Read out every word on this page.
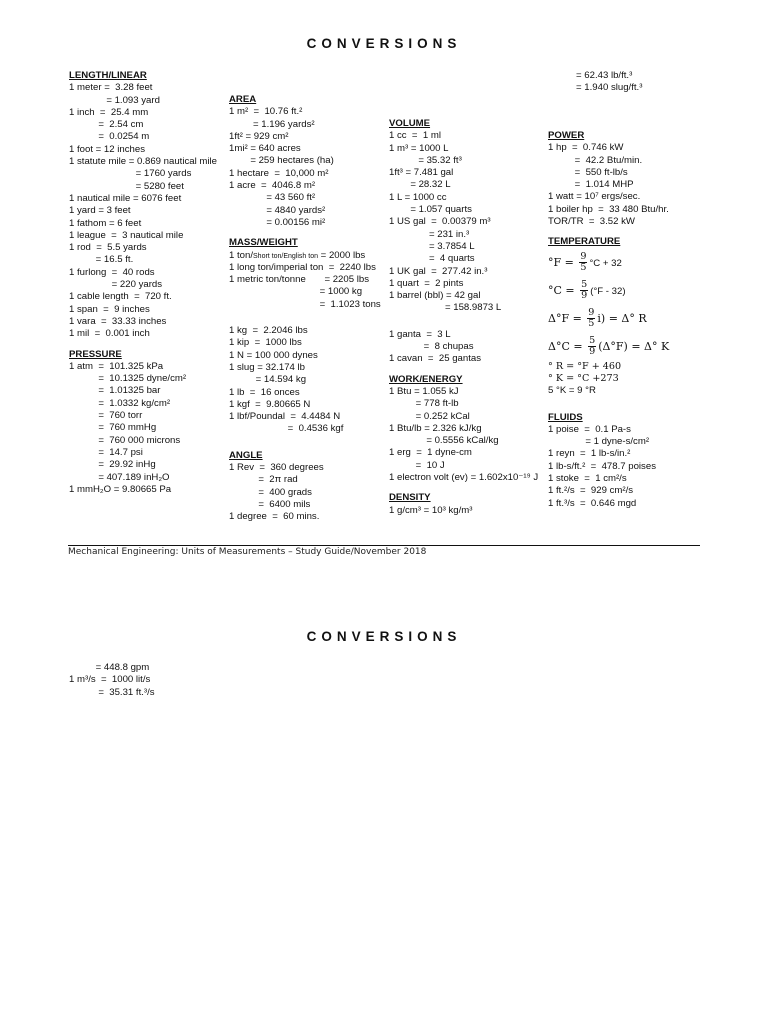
CONVERSIONS
= 62.43 lb/ft.³
= 1.940 slug/ft.³
LENGTH/LINEAR
1 meter =  3.28 feet
= 1.093 yard
1 inch  =  25.4 mm
=  2.54 cm
=  0.0254 m
1 foot = 12 inches
1 statute mile = 0.869 nautical mile
= 1760 yards
= 5280 feet
1 nautical mile = 6076 feet
1 yard = 3 feet
1 fathom = 6 feet
1 league  =  3 nautical mile
1 rod  =  5.5 yards
= 16.5 ft.
1 furlong  =  40 rods
= 220 yards
1 cable length  =  720 ft.
1 span  =  9 inches
1 vara  =  33.33 inches
1 mil  =  0.001 inch
PRESSURE
1 atm  =  101.325 kPa
=  10.1325 dyne/cm²
=  1.01325 bar
=  1.0332 kg/cm²
=  760 torr
=  760 mmHg
=  760 000 microns
=  14.7 psi
=  29.92 inHg
= 407.189 inH₂O
1 mmH₂O = 9.80665 Pa
AREA
1 m²  =  10.76 ft.²
= 1.196 yards²
1ft² = 929 cm²
1mi² = 640 acres
= 259 hectares (ha)
1 hectare  =  10,000 m²
1 acre  =  4046.8 m²
= 43 560 ft²
= 4840 yards²
= 0.00156 mi²
MASS/WEIGHT
1 ton/Short ton/English ton = 2000 lbs
1 long ton/imperial ton  =  2240 lbs
1 metric ton/tonne       = 2205 lbs
= 1000 kg
=  1.1023 tons
1 kg  =  2.2046 lbs
1 kip  =  1000 lbs
1 N = 100 000 dynes
1 slug = 32.174 lb
= 14.594 kg
1 lb  =  16 onces
1 kgf  =  9.80665 N
1 lbf/Poundal  =  4.4484 N
=  0.4536 kgf
ANGLE
1 Rev  =  360 degrees
=  2π rad
=  400 grads
=  6400 mils
1 degree  =  60 mins.
VOLUME
1 cc  =  1 ml
1 m³ = 1000 L
= 35.32 ft³
1ft³ = 7.481 gal
= 28.32 L
1 L = 1000 cc
= 1.057 quarts
1 US gal  =  0.00379 m³
= 231 in.³
= 3.7854 L
=  4 quarts
1 UK gal  =  277.42 in.³
1 quart  =  2 pints
1 barrel (bbl) = 42 gal
= 158.9873 L
1 ganta  =  3 L
=  8 chupas
1 cavan  =  25 gantas
WORK/ENERGY
1 Btu = 1.055 kJ
= 778 ft-lb
= 0.252 kCal
1 Btu/lb = 2.326 kJ/kg
= 0.5556 kCal/kg
1 erg  =  1 dyne-cm
=  10 J
1 electron volt (ev) = 1.602x10⁻¹⁹ J
DENSITY
1 g/cm³ = 10³ kg/m³
POWER
1 hp  =  0.746 kW
=  42.2 Btu/min.
=  550 ft-lb/s
=  1.014 MHP
1 watt = 10⁷ ergs/sec.
1 boiler hp  =  33 480 Btu/hr.
TOR/TR  =  3.52 kW
TEMPERATURE
$^\circ F = \frac{9}{5} ^\circ C + 32$
$^\circ C = \frac{5}{9} (^\circ F - 32)$
$\Delta^\circ F = \frac{9}{5} i) = \Delta^\circ$ R
$\Delta^\circ C = \frac{5}{9} (\Delta^\circ F) = \Delta^\circ$ K
° R = °F + 460
° K = °C +273
5 °K = 9 °R
FLUIDS
1 poise  =  0.1 Pa-s
= 1 dyne-s/cm²
1 reyn  =  1 lb-s/in.²
1 lb-s/ft.²  =  478.7 poises
1 stoke  =  1 cm²/s
1 ft.²/s  =  929 cm²/s
1 ft.³/s  =  0.646 mgd
Mechanical Engineering: Units of Measurements – Study Guide/November 2018
CONVERSIONS
= 448.8 gpm
1 m³/s  =  1000 lit/s
=  35.31 ft.³/s
